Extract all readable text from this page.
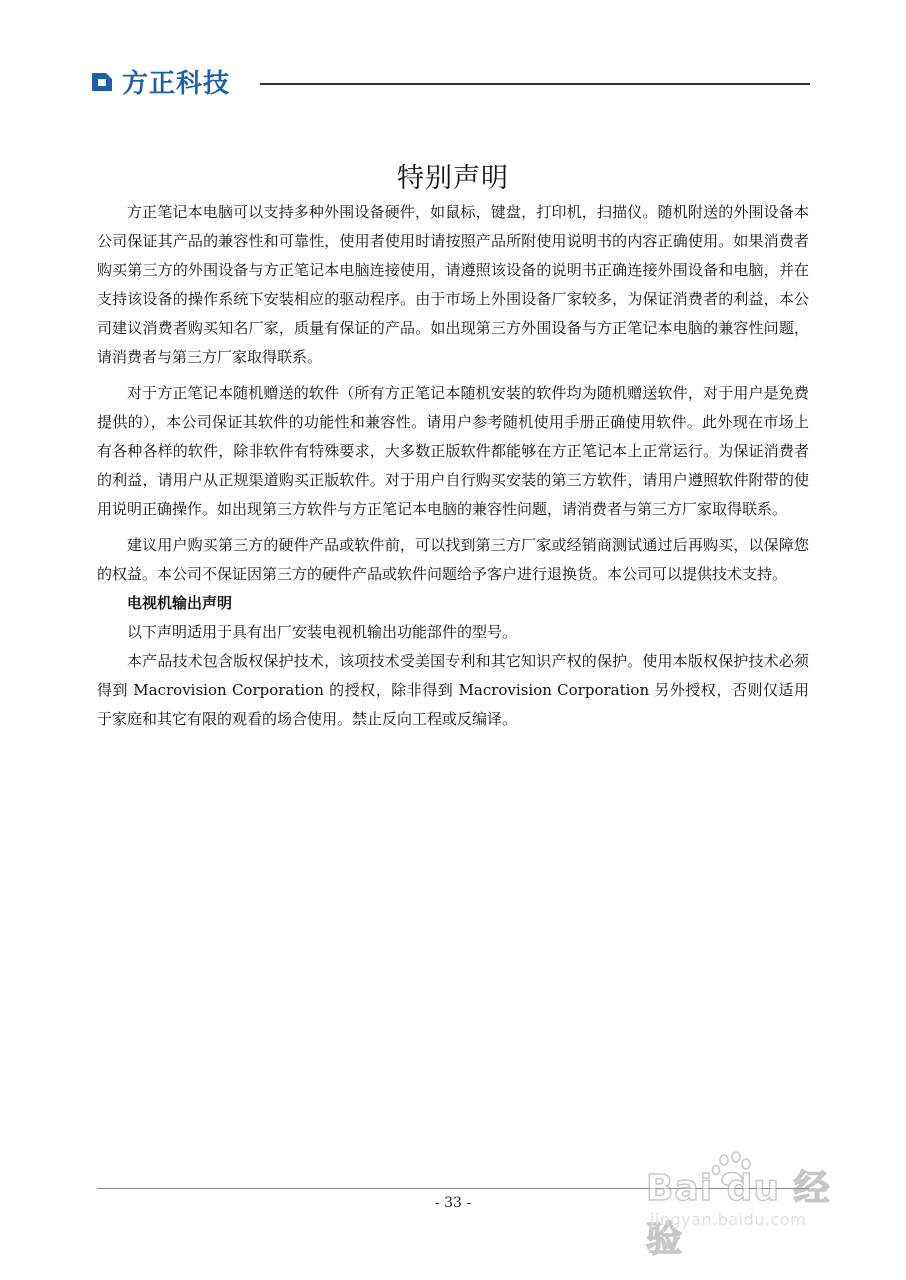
方正科技
特别声明

方正笔记本电脑可以支持多种外围设备硬件，如鼠标，键盘，打印机，扫描仪。随机附送的外围设备本公司保证其产品的兼容性和可靠性，使用者使用时请按照产品所附使用说明书的内容正确使用。如果消费者购买第三方的外围设备与方正笔记本电脑连接使用，请遵照该设备的说明书正确连接外围设备和电脑，并在支持该设备的操作系统下安装相应的驱动程序。由于市场上外围设备厂家较多，为保证消费者的利益，本公司建议消费者购买知名厂家，质量有保证的产品。如出现第三方外围设备与方正笔记本电脑的兼容性问题，请消费者与第三方厂家取得联系。

对于方正笔记本随机赠送的软件（所有方正笔记本随机安装的软件均为随机赠送软件，对于用户是免费提供的），本公司保证其软件的功能性和兼容性。请用户参考随机使用手册正确使用软件。此外现在市场上有各种各样的软件，除非软件有特殊要求，大多数正版软件都能够在方正笔记本上正常运行。为保证消费者的利益，请用户从正规渠道购买正版软件。对于用户自行购买安装的第三方软件，请用户遵照软件附带的使用说明正确操作。如出现第三方软件与方正笔记本电脑的兼容性问题，请消费者与第三方厂家取得联系。

建议用户购买第三方的硬件产品或软件前，可以找到第三方厂家或经销商测试通过后再购买，以保障您的权益。本公司不保证因第三方的硬件产品或软件问题给予客户进行退换货。本公司可以提供技术支持。

电视机输出声明

以下声明适用于具有出厂安装电视机输出功能部件的型号。

本产品技术包含版权保护技术，该项技术受美国专利和其它知识产权的保护。使用本版权保护技术必须得到 Macrovision Corporation 的授权，除非得到 Macrovision Corporation 另外授权，否则仅适用于家庭和其它有限的观看的场合使用。禁止反向工程或反编译。

- 33 -	Bai du 经验
jingyan.baidu.com
